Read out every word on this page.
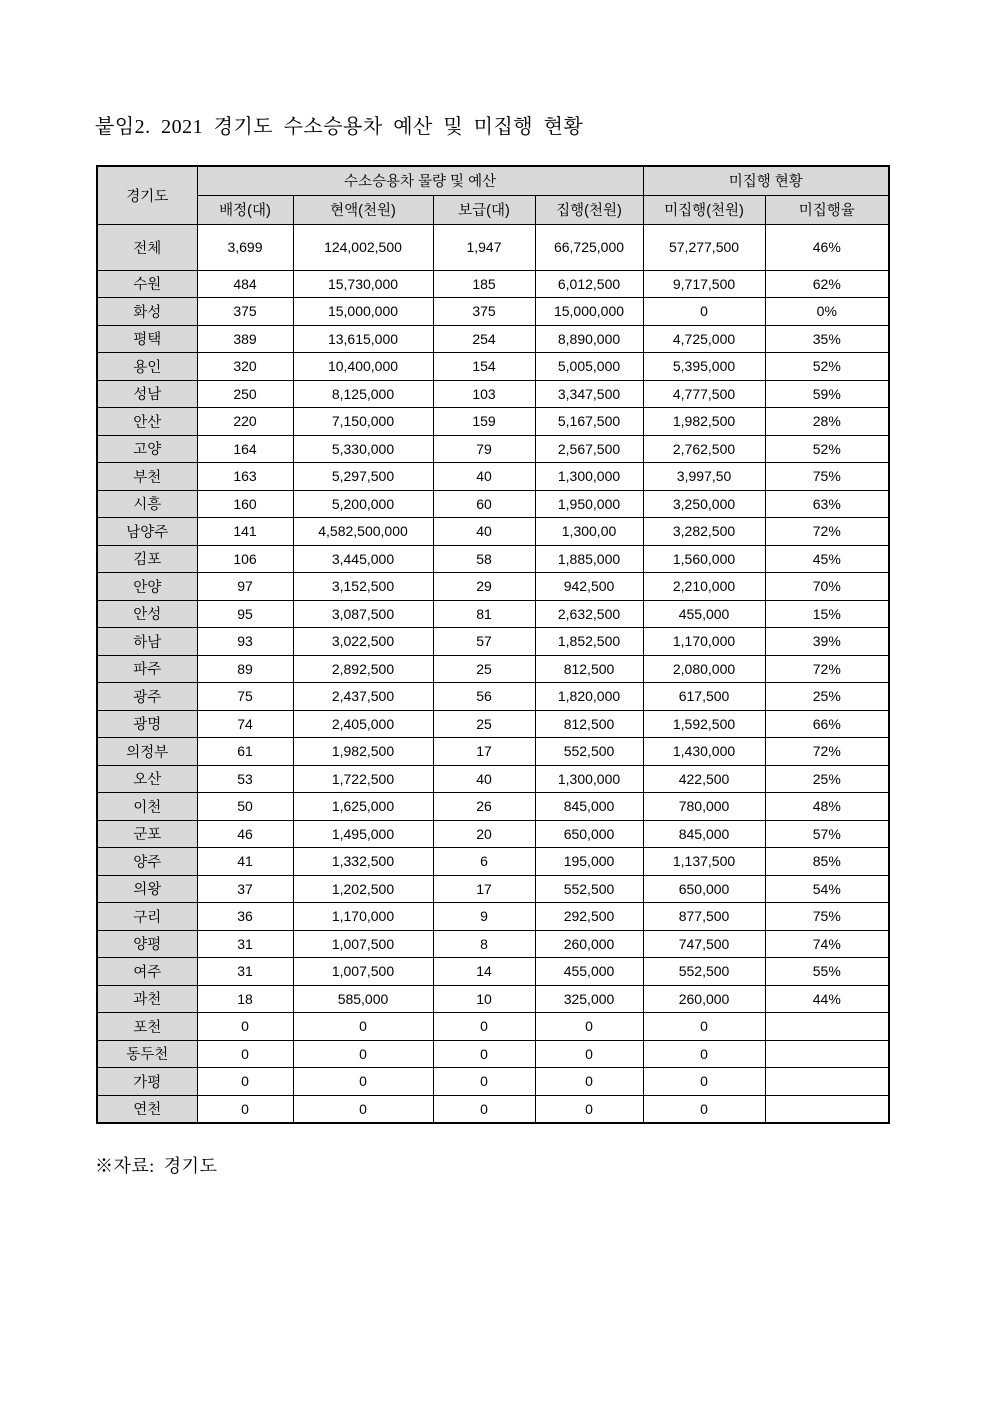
붙임2. 2021 경기도 수소승용차 예산 및 미집행 현황
경기도	수소승용차 물량 및 예산				미집행 현황	
	배정(대)	현액(천원)	보급(대)	집행(천원)	미집행(천원)	미집행율
전체	3,699	124,002,500	1,947	66,725,000	57,277,500	46%
수원	484	15,730,000	185	6,012,500	9,717,500	62%
화성	375	15,000,000	375	15,000,000	0	0%
평택	389	13,615,000	254	8,890,000	4,725,000	35%
용인	320	10,400,000	154	5,005,000	5,395,000	52%
성남	250	8,125,000	103	3,347,500	4,777,500	59%
안산	220	7,150,000	159	5,167,500	1,982,500	28%
고양	164	5,330,000	79	2,567,500	2,762,500	52%
부천	163	5,297,500	40	1,300,000	3,997,50	75%
시흥	160	5,200,000	60	1,950,000	3,250,000	63%
남양주	141	4,582,500,000	40	1,300,00	3,282,500	72%
김포	106	3,445,000	58	1,885,000	1,560,000	45%
안양	97	3,152,500	29	942,500	2,210,000	70%
안성	95	3,087,500	81	2,632,500	455,000	15%
하남	93	3,022,500	57	1,852,500	1,170,000	39%
파주	89	2,892,500	25	812,500	2,080,000	72%
광주	75	2,437,500	56	1,820,000	617,500	25%
광명	74	2,405,000	25	812,500	1,592,500	66%
의정부	61	1,982,500	17	552,500	1,430,000	72%
오산	53	1,722,500	40	1,300,000	422,500	25%
이천	50	1,625,000	26	845,000	780,000	48%
군포	46	1,495,000	20	650,000	845,000	57%
양주	41	1,332,500	6	195,000	1,137,500	85%
의왕	37	1,202,500	17	552,500	650,000	54%
구리	36	1,170,000	9	292,500	877,500	75%
양평	31	1,007,500	8	260,000	747,500	74%
여주	31	1,007,500	14	455,000	552,500	55%
과천	18	585,000	10	325,000	260,000	44%
포천	0	0	0	0	0	
동두천	0	0	0	0	0	
가평	0	0	0	0	0	
연천	0	0	0	0	0	
※자료: 경기도
